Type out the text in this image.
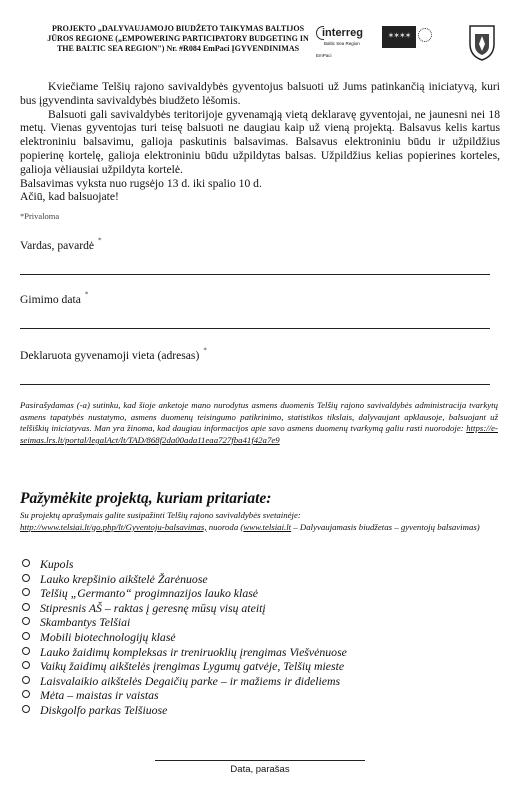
PROJEKTO „DALYVAUJAMOJO BIUDŽETO TAIKYMAS BALTIJOS
JŪROS REGIONE („EMPOWERING PARTICIPATORY BUDGETING IN
THE BALTIC SEA REGION") Nr. #R084 EmPaci ĮGYVENDINIMAS
interreg
Baltic Sea Region
EmPaci
✶✶✶✶

Kviečiame Telšių rajono savivaldybės gyventojus balsuoti už Jums patinkančią iniciatyvą, kuri bus įgyvendinta savivaldybės biudžeto lėšomis.

Balsuoti gali savivaldybės teritorijoje gyvenamąją vietą deklaravę gyventojai, ne jaunesni nei 18 metų. Vienas gyventojas turi teisę balsuoti ne daugiau kaip už vieną projektą. Balsavus kelis kartus elektroniniu balsavimu, galioja paskutinis balsavimas. Balsavus elektroniniu būdu ir užpildžius popierinę kortelę, galioja elektroniniu būdu užpildytas balsas. Užpildžius kelias popierines korteles, galioja vėliausiai užpildyta kortelė.

Balsavimas vyksta nuo rugsėjo 13 d. iki spalio 10 d.

Ačiū, kad balsuojate!

*Privaloma
Vardas, pavardė *
Gimimo data *
Deklaruota gyvenamoji vieta (adresas) *
Pasirašydamas (-a) sutinku, kad šioje anketoje mano nurodytus asmens duomenis Telšių rajono savivaldybės administracija tvarkytų asmens tapatybės nustatymo, asmens duomenų teisingumo patikrinimo, statistikos tikslais, dalyvaujant apklausoje, balsuojant už telšiškių iniciatyvas. Man yra žinoma, kad daugiau informacijos apie savo asmens duomenų tvarkymą galiu rasti nuorodoje: https://e-seimas.lrs.lt/portal/legalAct/lt/TAD/868f2da00ada11eaa727fba41f42a7e9
Pažymėkite projektą, kuriam pritariate:
Su projektų aprašymais galite susipažinti Telšių rajono savivaldybės svetainėje:
http://www.telsiai.lt/go.php/lt/Gyventoju-balsavimas, nuoroda (www.telsiai.lt – Dalyvaujamasis biudžetas – gyventojų balsavimas)
Kupols
Lauko krepšinio aikštelė Žarėnuose
Telšių „Germanto“ progimnazijos lauko klasė
Stipresnis AŠ – raktas į geresnę mūsų visų ateitį
Skambantys Telšiai
Mobili biotechnologijų klasė
Lauko žaidimų kompleksas ir treniruoklių įrengimas Viešvėnuose
Vaikų žaidimų aikštelės įrengimas Lygumų gatvėje, Telšių mieste
Laisvalaikio aikštelės Degaičių parke – ir mažiems ir dideliems
Mėta – maistas ir vaistas
Diskgolfo parkas Telšiuose
Data, parašas
